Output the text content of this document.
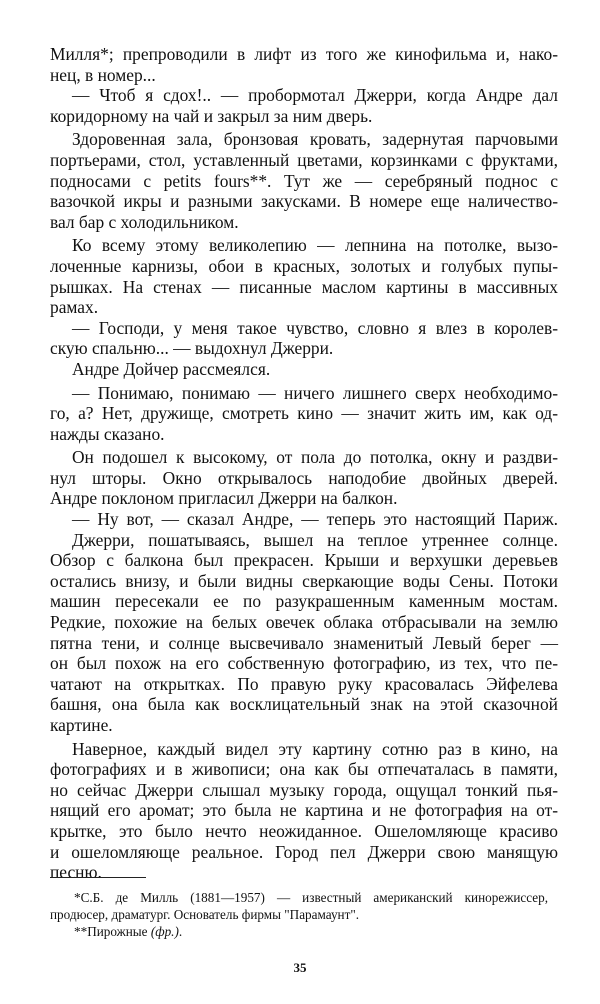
Милля*; препроводили в лифт из того же кинофильма и, нако-
нец, в номер...
— Чтоб я сдох!.. — пробормотал Джерри, когда Андре дал
коридорному на чай и закрыл за ним дверь.
Здоровенная зала, бронзовая кровать, задернутая парчовыми
портьерами, стол, уставленный цветами, корзинками с фруктами,
подносами с petits fours**. Тут же — серебряный поднос с
вазочкой икры и разными закусками. В номере еще наличество-
вал бар с холодильником.
Ко всему этому великолепию — лепнина на потолке, вызо-
лоченные карнизы, обои в красных, золотых и голубых пупы-
рышках. На стенах — писанные маслом картины в массивных
рамах.
— Господи, у меня такое чувство, словно я влез в королев-
скую спальню... — выдохнул Джерри.
Андре Дойчер рассмеялся.
— Понимаю, понимаю — ничего лишнего сверх необходимо-
го, а? Нет, дружище, смотреть кино — значит жить им, как од-
нажды сказано.
Он подошел к высокому, от пола до потолка, окну и раздви-
нул шторы. Окно открывалось наподобие двойных дверей.
Андре поклоном пригласил Джерри на балкон.
— Ну вот, — сказал Андре, — теперь это настоящий Париж.
Джерри, пошатываясь, вышел на теплое утреннее солнце.
Обзор с балкона был прекрасен. Крыши и верхушки деревьев
остались внизу, и были видны сверкающие воды Сены. Потоки
машин пересекали ее по разукрашенным каменным мостам.
Редкие, похожие на белых овечек облака отбрасывали на землю
пятна тени, и солнце высвечивало знаменитый Левый берег —
он был похож на его собственную фотографию, из тех, что пе-
чатают на открытках. По правую руку красовалась Эйфелева
башня, она была как восклицательный знак на этой сказочной
картине.
Наверное, каждый видел эту картину сотню раз в кино, на
фотографиях и в живописи; она как бы отпечаталась в памяти,
но сейчас Джерри слышал музыку города, ощущал тонкий пья-
нящий его аромат; это была не картина и не фотография на от-
крытке, это было нечто неожиданное. Ошеломляюще красиво
и ошеломляюще реальное. Город пел Джерри свою манящую
песню.
*С.Б. де Милль (1881—1957) — известный американский кинорежиссер,
продюсер, драматург. Основатель фирмы "Парамаунт".
**Пирожные (фр.).
35
